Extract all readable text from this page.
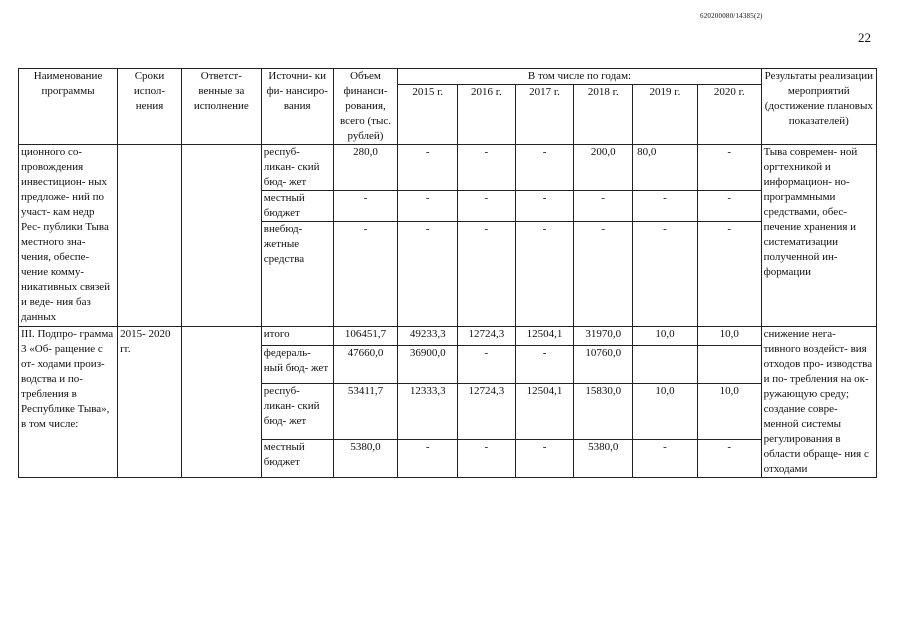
620200080/14385(2)
22
Наименование программы	Сроки испол- нения	Ответст- венные за исполнение	Источни- ки фи- нансиро- вания	Объем финанси- рования, всего (тыс. рублей)	В том числе по годам:						Результаты реализации мероприятий (достижение плановых показателей)
					2015 г.	2016 г.	2017 г.	2018 г.	2019 г.	2020 г.	
ционного со- провождения инвестицион- ных предложе- ний по участ- кам недр Рес- публики Тыва местного зна- чения, обеспе- чение комму- никативных связей и веде- ния баз данных			респуб- ликан- ский бюд- жет	280,0	-	-	-	200,0	80,0	-	Тыва современ- ной оргтехникой и информацион- но-программными средствами, обес- печение хранения и систематизации полученной ин- формации
			местный бюджет	-	-	-	-	-	-	-	
			внебюд- жетные средства	-	-	-	-	-	-	-	
III. Подпро- грамма 3 «Об- ращение с от- ходами произ- водства и по- требления в Республике Тыва», в том числе:	2015- 2020 гг.		итого	106451,7	49233,3	12724,3	12504,1	31970,0	10,0	10,0	снижение нега- тивного воздейст- вия отходов про- изводства и по- требления на ок- ружающую среду; создание совре- менной системы регулирования в области обраще- ния с отходами
			федераль- ный бюд- жет	47660,0	36900,0	-	-	10760,0			
			респуб- ликан- ский бюд- жет	53411,7	12333,3	12724,3	12504,1	15830,0	10,0	10,0	
			местный бюджет	5380,0	-	-	-	5380,0	-	-	
